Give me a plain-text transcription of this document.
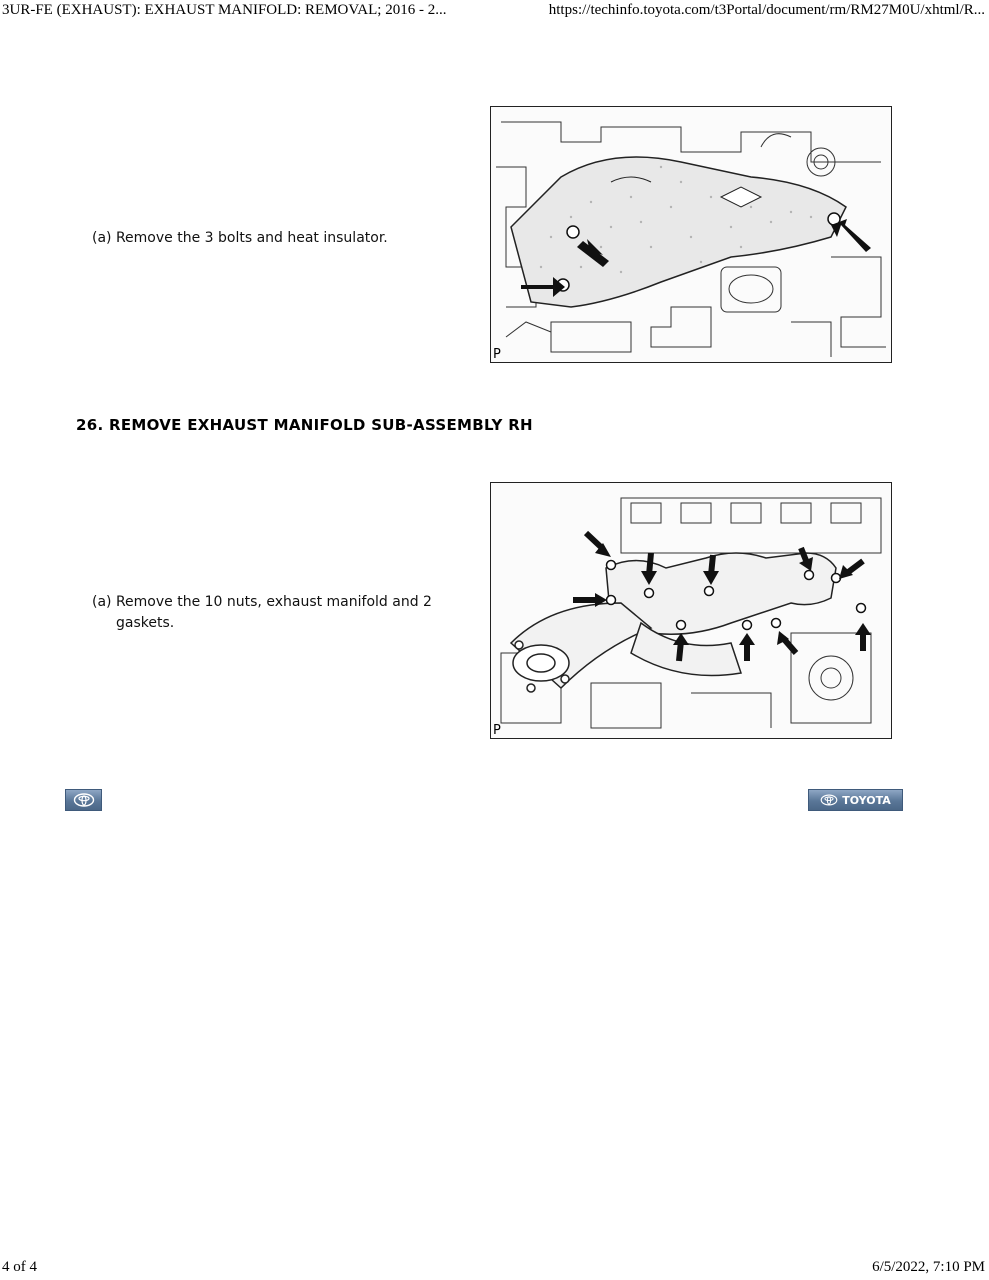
3UR-FE (EXHAUST): EXHAUST MANIFOLD: REMOVAL; 2016 - 2...	https://techinfo.toyota.com/t3Portal/document/rm/RM27M0U/xhtml/R...
(a) Remove the 3 bolts and heat insulator.
P
26. REMOVE EXHAUST MANIFOLD SUB-ASSEMBLY RH
(a) Remove the 10 nuts, exhaust manifold and 2
gaskets.
P
TOYOTA
4 of 4	6/5/2022, 7:10 PM
